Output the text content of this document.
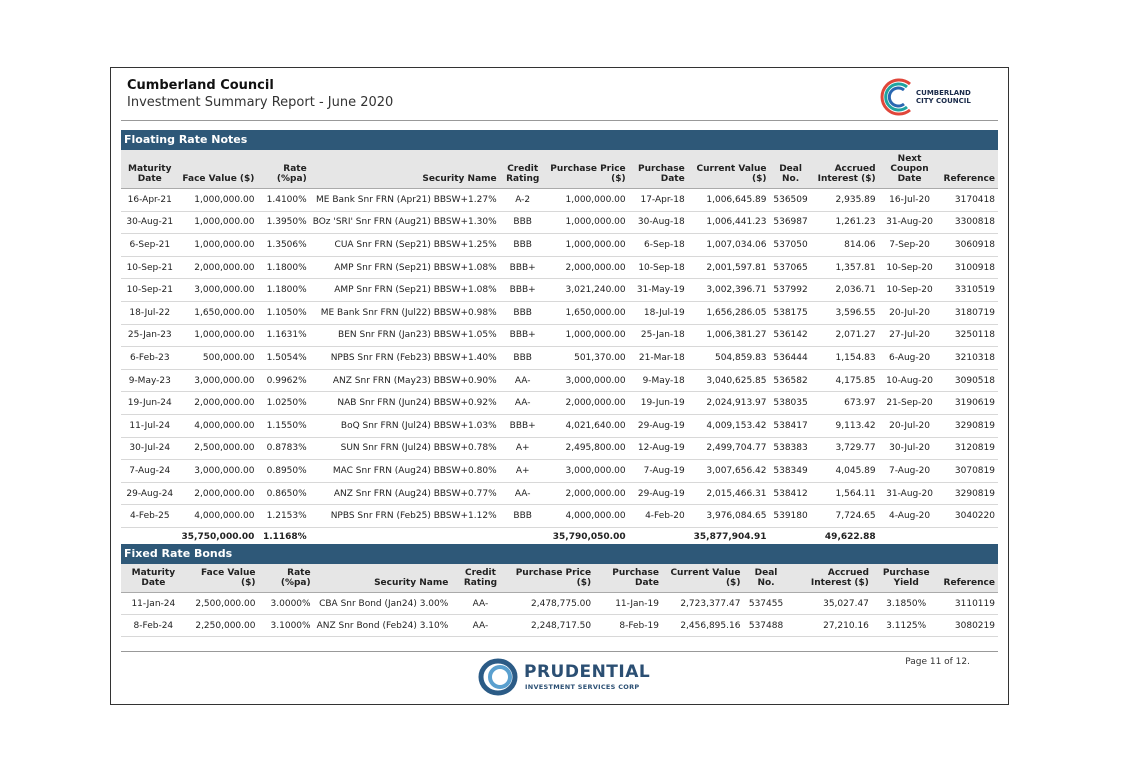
Cumberland Council
Investment Summary Report - June 2020
CUMBERLAND
CITY COUNCIL
Floating Rate Notes
Maturity Date	Face Value ($)	Rate (%pa)	Security Name	Credit Rating	Purchase Price ($)	Purchase Date	Current Value ($)	Deal No.	Accrued Interest ($)	Next Coupon Date	Reference
16-Apr-21	1,000,000.00	1.4100%	ME Bank Snr FRN (Apr21) BBSW+1.27%	A-2	1,000,000.00	17-Apr-18	1,006,645.89	536509	2,935.89	16-Jul-20	3170418
30-Aug-21	1,000,000.00	1.3950%	BOz 'SRI' Snr FRN (Aug21) BBSW+1.30%	BBB	1,000,000.00	30-Aug-18	1,006,441.23	536987	1,261.23	31-Aug-20	3300818
6-Sep-21	1,000,000.00	1.3506%	CUA Snr FRN (Sep21) BBSW+1.25%	BBB	1,000,000.00	6-Sep-18	1,007,034.06	537050	814.06	7-Sep-20	3060918
10-Sep-21	2,000,000.00	1.1800%	AMP Snr FRN (Sep21) BBSW+1.08%	BBB+	2,000,000.00	10-Sep-18	2,001,597.81	537065	1,357.81	10-Sep-20	3100918
10-Sep-21	3,000,000.00	1.1800%	AMP Snr FRN (Sep21) BBSW+1.08%	BBB+	3,021,240.00	31-May-19	3,002,396.71	537992	2,036.71	10-Sep-20	3310519
18-Jul-22	1,650,000.00	1.1050%	ME Bank Snr FRN (Jul22) BBSW+0.98%	BBB	1,650,000.00	18-Jul-19	1,656,286.05	538175	3,596.55	20-Jul-20	3180719
25-Jan-23	1,000,000.00	1.1631%	BEN Snr FRN (Jan23) BBSW+1.05%	BBB+	1,000,000.00	25-Jan-18	1,006,381.27	536142	2,071.27	27-Jul-20	3250118
6-Feb-23	500,000.00	1.5054%	NPBS Snr FRN (Feb23) BBSW+1.40%	BBB	501,370.00	21-Mar-18	504,859.83	536444	1,154.83	6-Aug-20	3210318
9-May-23	3,000,000.00	0.9962%	ANZ Snr FRN (May23) BBSW+0.90%	AA-	3,000,000.00	9-May-18	3,040,625.85	536582	4,175.85	10-Aug-20	3090518
19-Jun-24	2,000,000.00	1.0250%	NAB Snr FRN (Jun24) BBSW+0.92%	AA-	2,000,000.00	19-Jun-19	2,024,913.97	538035	673.97	21-Sep-20	3190619
11-Jul-24	4,000,000.00	1.1550%	BoQ Snr FRN (Jul24) BBSW+1.03%	BBB+	4,021,640.00	29-Aug-19	4,009,153.42	538417	9,113.42	20-Jul-20	3290819
30-Jul-24	2,500,000.00	0.8783%	SUN Snr FRN (Jul24) BBSW+0.78%	A+	2,495,800.00	12-Aug-19	2,499,704.77	538383	3,729.77	30-Jul-20	3120819
7-Aug-24	3,000,000.00	0.8950%	MAC Snr FRN (Aug24) BBSW+0.80%	A+	3,000,000.00	7-Aug-19	3,007,656.42	538349	4,045.89	7-Aug-20	3070819
29-Aug-24	2,000,000.00	0.8650%	ANZ Snr FRN (Aug24) BBSW+0.77%	AA-	2,000,000.00	29-Aug-19	2,015,466.31	538412	1,564.11	31-Aug-20	3290819
4-Feb-25	4,000,000.00	1.2153%	NPBS Snr FRN (Feb25) BBSW+1.12%	BBB	4,000,000.00	4-Feb-20	3,976,084.65	539180	7,724.65	4-Aug-20	3040220
	35,750,000.00	1.1168%			35,790,050.00		35,877,904.91		49,622.88		
Fixed Rate Bonds
Maturity Date	Face Value ($)	Rate (%pa)	Security Name	Credit Rating	Purchase Price ($)	Purchase Date	Current Value ($)	Deal No.	Accrued Interest ($)	Purchase Yield	Reference
11-Jan-24	2,500,000.00	3.0000%	CBA Snr Bond (Jan24) 3.00%	AA-	2,478,775.00	11-Jan-19	2,723,377.47	537455	35,027.47	3.1850%	3110119
8-Feb-24	2,250,000.00	3.1000%	ANZ Snr Bond (Feb24) 3.10%	AA-	2,248,717.50	8-Feb-19	2,456,895.16	537488	27,210.16	3.1125%	3080219
PRUDENTIAL
INVESTMENT SERVICES CORP
Page 11 of 12.
